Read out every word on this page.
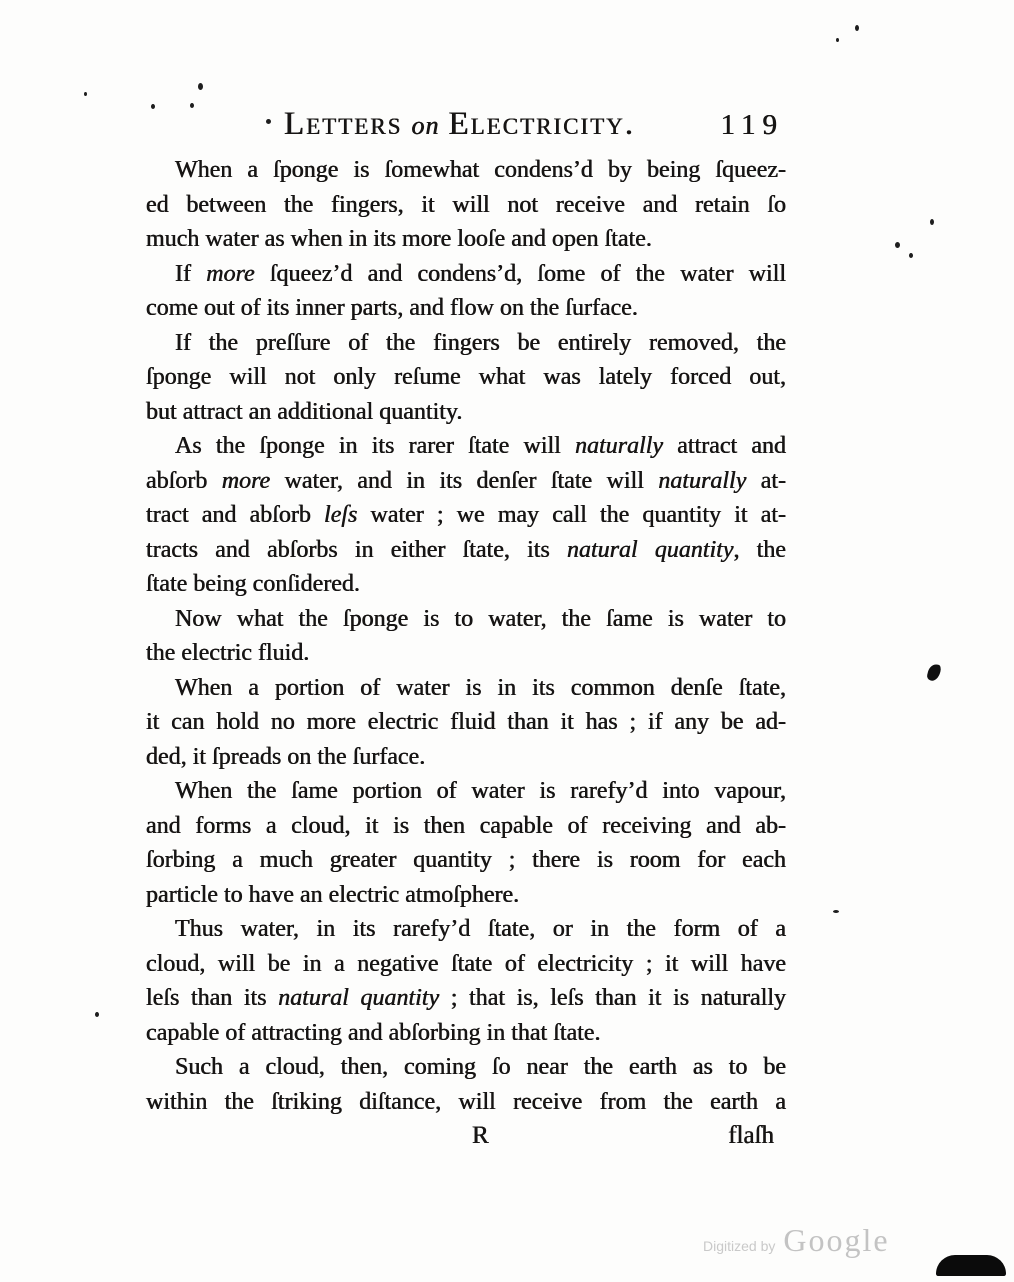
Letters on Electricity.	119
When a ſponge is ſomewhat condens’d by being ſqueez-
ed between the fingers, it will not receive and retain ſo
much water as when in its more looſe and open ſtate.
If more ſqueez’d and condens’d, ſome of the water will
come out of its inner parts, and flow on the ſurface.
If the preſſure of the fingers be entirely removed, the
ſponge will not only reſume what was lately forced out,
but attract an additional quantity.
As the ſponge in its rarer ſtate will naturally attract and
abſorb more water, and in its denſer ſtate will naturally at-
tract and abſorb leſs water ; we may call the quantity it at-
tracts and abſorbs in either ſtate, its natural quantity, the
ſtate being conſidered.
Now what the ſponge is to water, the ſame is water to
the electric fluid.
When a portion of water is in its common denſe ſtate,
it can hold no more electric fluid than it has ; if any be ad-
ded, it ſpreads on the ſurface.
When the ſame portion of water is rarefy’d into vapour,
and forms a cloud, it is then capable of receiving and ab-
ſorbing a much greater quantity ; there is room for each
particle to have an electric atmoſphere.
Thus water, in its rarefy’d ſtate, or in the form of a
cloud, will be in a negative ſtate of electricity ; it will have
leſs than its natural quantity ; that is, leſs than it is naturally
capable of attracting and abſorbing in that ſtate.
Such a cloud, then, coming ſo near the earth as to be
within the ſtriking diſtance, will receive from the earth a
R	flaſh
Digitized by Google
